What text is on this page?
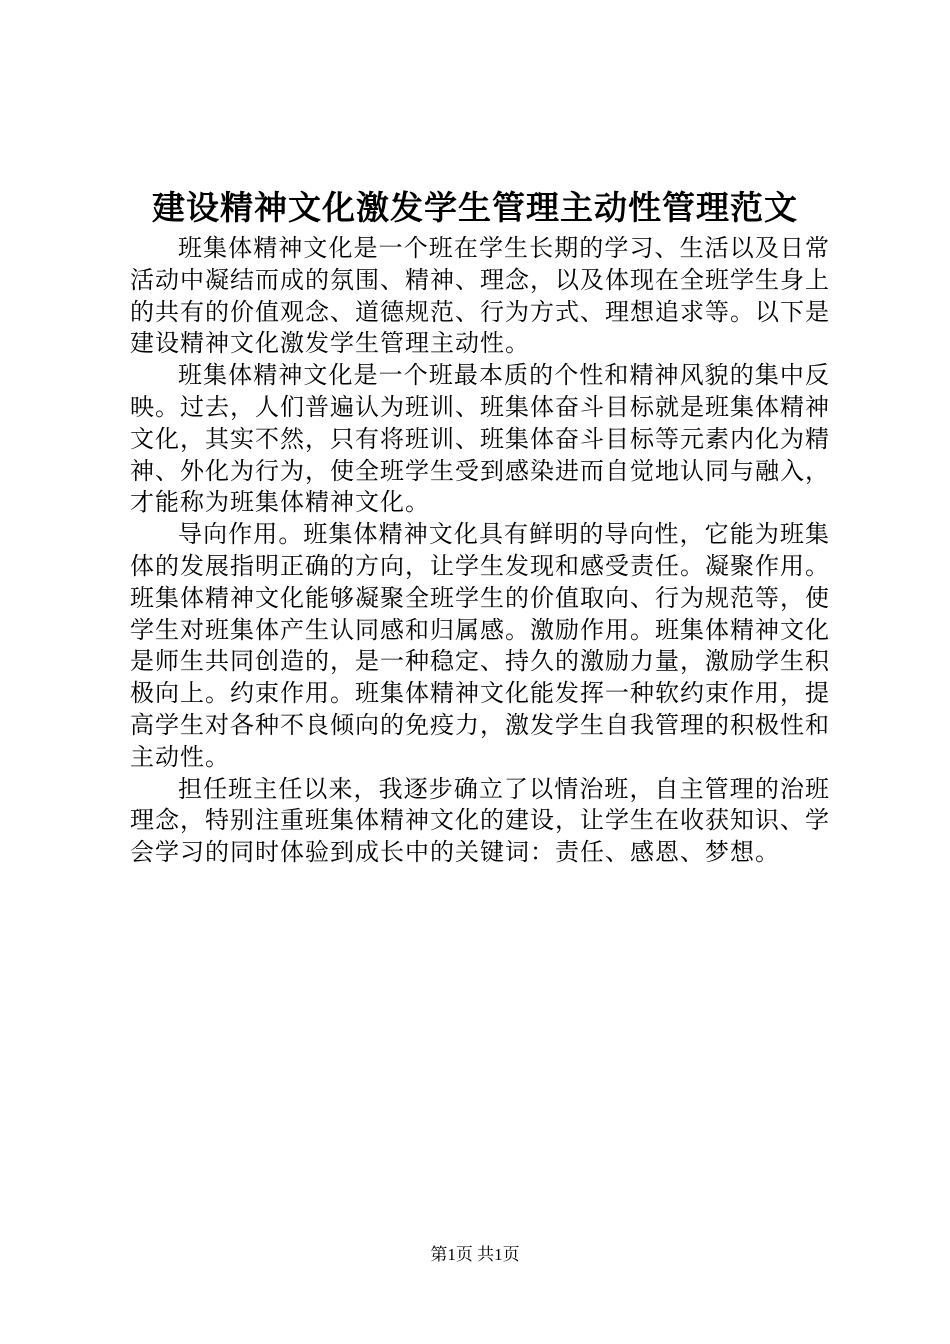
建设精神文化激发学生管理主动性管理范文

班集体精神文化是一个班在学生长期的学习、生活以及日常活动中凝结而成的氛围、精神、理念，以及体现在全班学生身上的共有的价值观念、道德规范、行为方式、理想追求等。以下是建设精神文化激发学生管理主动性。

班集体精神文化是一个班最本质的个性和精神风貌的集中反映。过去，人们普遍认为班训、班集体奋斗目标就是班集体精神文化，其实不然，只有将班训、班集体奋斗目标等元素内化为精神、外化为行为，使全班学生受到感染进而自觉地认同与融入，才能称为班集体精神文化。

导向作用。班集体精神文化具有鲜明的导向性，它能为班集体的发展指明正确的方向，让学生发现和感受责任。凝聚作用。班集体精神文化能够凝聚全班学生的价值取向、行为规范等，使学生对班集体产生认同感和归属感。激励作用。班集体精神文化是师生共同创造的，是一种稳定、持久的激励力量，激励学生积极向上。约束作用。班集体精神文化能发挥一种软约束作用，提高学生对各种不良倾向的免疫力，激发学生自我管理的积极性和主动性。

担任班主任以来，我逐步确立了以情治班，自主管理的治班理念，特别注重班集体精神文化的建设，让学生在收获知识、学会学习的同时体验到成长中的关键词：责任、感恩、梦想。

第1页 共1页
